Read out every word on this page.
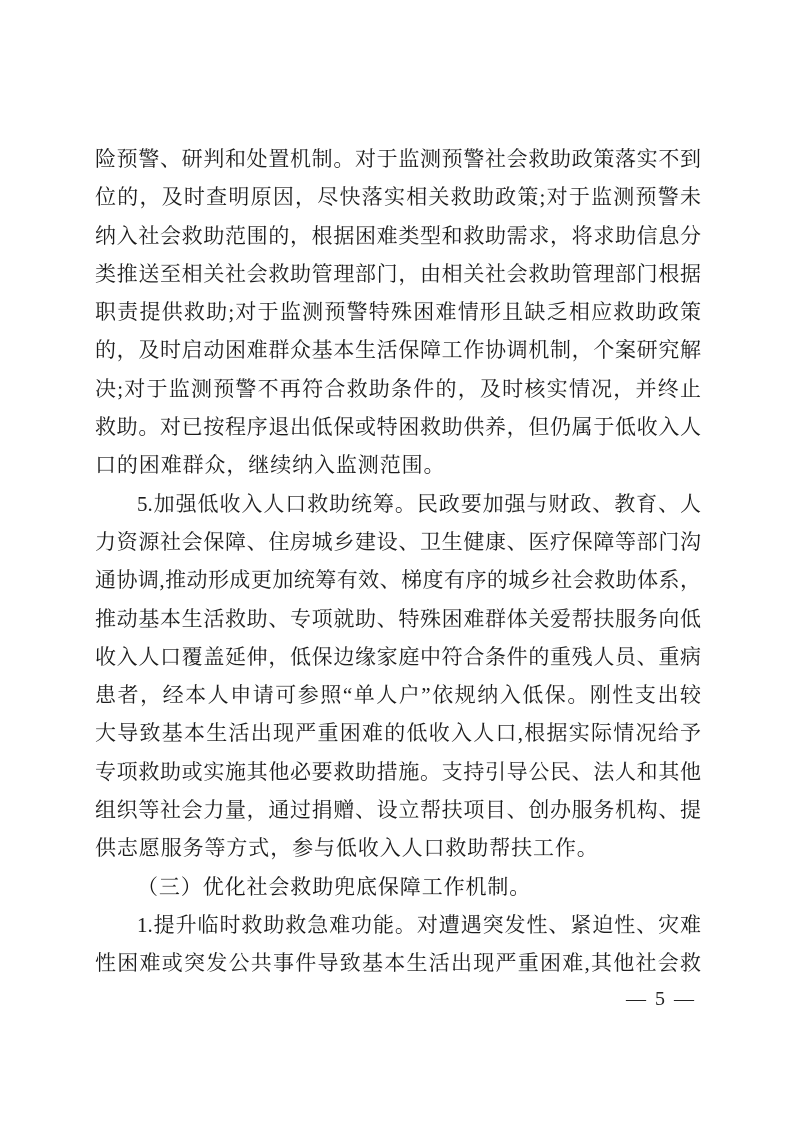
险预警、研判和处置机制。对于监测预警社会救助政策落实不到
位的，及时查明原因，尽快落实相关救助政策;对于监测预警未
纳入社会救助范围的，根据困难类型和救助需求，将求助信息分
类推送至相关社会救助管理部门，由相关社会救助管理部门根据
职责提供救助;对于监测预警特殊困难情形且缺乏相应救助政策
的，及时启动困难群众基本生活保障工作协调机制，个案研究解
决;对于监测预警不再符合救助条件的，及时核实情况，并终止
救助。对已按程序退出低保或特困救助供养，但仍属于低收入人
口的困难群众，继续纳入监测范围。
5.加强低收入人口救助统筹。民政要加强与财政、教育、人
力资源社会保障、住房城乡建设、卫生健康、医疗保障等部门沟
通协调,推动形成更加统筹有效、梯度有序的城乡社会救助体系，
推动基本生活救助、专项就助、特殊困难群体关爱帮扶服务向低
收入人口覆盖延伸，低保边缘家庭中符合条件的重残人员、重病
患者，经本人申请可参照“单人户”依规纳入低保。刚性支出较
大导致基本生活出现严重困难的低收入人口,根据实际情况给予
专项救助或实施其他必要救助措施。支持引导公民、法人和其他
组织等社会力量，通过捐赠、设立帮扶项目、创办服务机构、提
供志愿服务等方式，参与低收入人口救助帮扶工作。
（三）优化社会救助兜底保障工作机制。
1.提升临时救助救急难功能。对遭遇突发性、紧迫性、灾难
性困难或突发公共事件导致基本生活出现严重困难,其他社会救
— 5 —
